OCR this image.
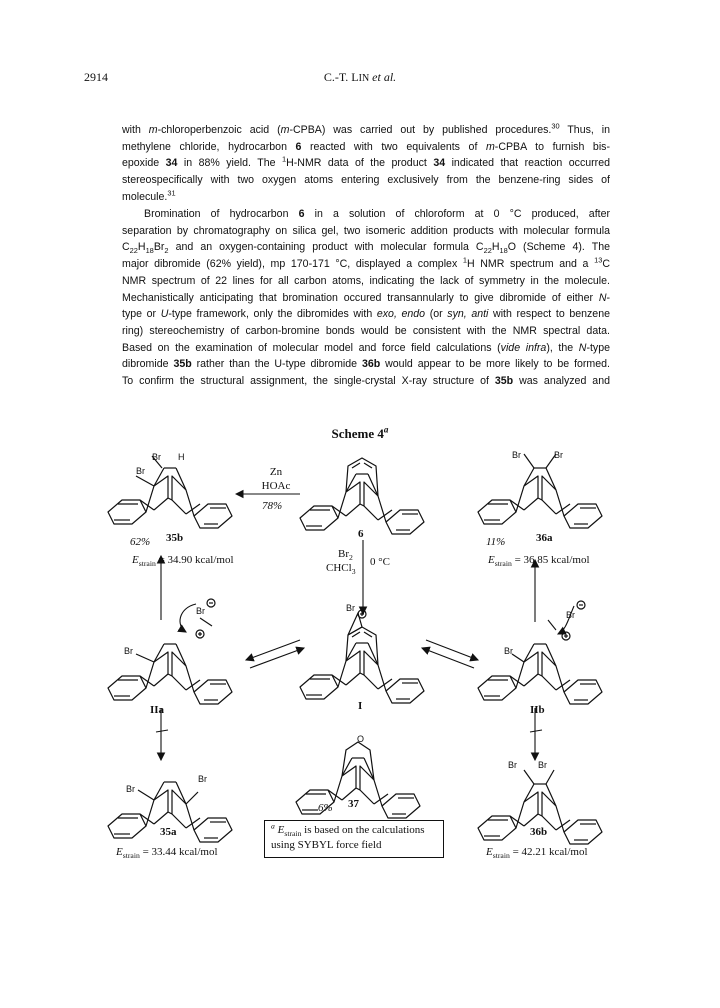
2914	C.-T. LIN et al.
with m-chloroperbenzoic acid (m-CPBA) was carried out by published procedures.$^{30}$ Thus, in
methylene chloride, hydrocarbon 6 reacted with two equivalents of m-CPBA to furnish bis-
epoxide 34 in 88% yield. The $^1$H-NMR data of the product 34 indicated that reaction occurred
stereospecifically with two oxygen atoms entering exclusively from the benzene-ring sides of
molecule.$^{31}$
Bromination of hydrocarbon 6 in a solution of chloroform at 0 °C produced, after
separation by chromatography on silica gel, two isomeric addition products with molecular formula
$C_{22}H_{18}Br_2$ and an oxygen-containing product with molecular formula $C_{22}H_{18}O$ (Scheme 4). The
major dibromide (62% yield), mp 170-171 °C, displayed a complex $^1$H NMR spectrum and a $^{13}$C
NMR spectrum of 22 lines for all carbon atoms, indicating the lack of symmetry in the molecule.
Mechanistically anticipating that bromination occured transannularly to give dibromide of either N-
type or U-type framework, only the dibromides with exo, endo (or syn, anti with respect to benzene
ring) stereochemistry of carbon-bromine bonds would be consistent with the NMR spectral data.
Based on the examination of molecular model and force field calculations (vide infra), the N-type
dibromide 35b rather than the U-type dibromide 36b would appear to be more likely to be formed.
To confirm the structural assignment, the single-crystal X-ray structure of 35b was analyzed and
Scheme 4$^a$
Br
Br H	Br	Br
Br
Br
Br
Br
Br
O
Br
Br
Br Br
Zn
HOAc
78%
$Br_2$
CHCl$_3$
0 °C
6
62% 35b
$E_{strain} = 34.90$ kcal/mol
11%	36a
$E_{strain} = 36.85$ kcal/mol
I
IIa	IIb
6% 37
35a
$E_{strain} = 33.44$ kcal/mol
36b
$E_{strain} = 42.21$ kcal/mol
$^a$ $E_{strain}$ is based on the calculations
using SYBYL force field
